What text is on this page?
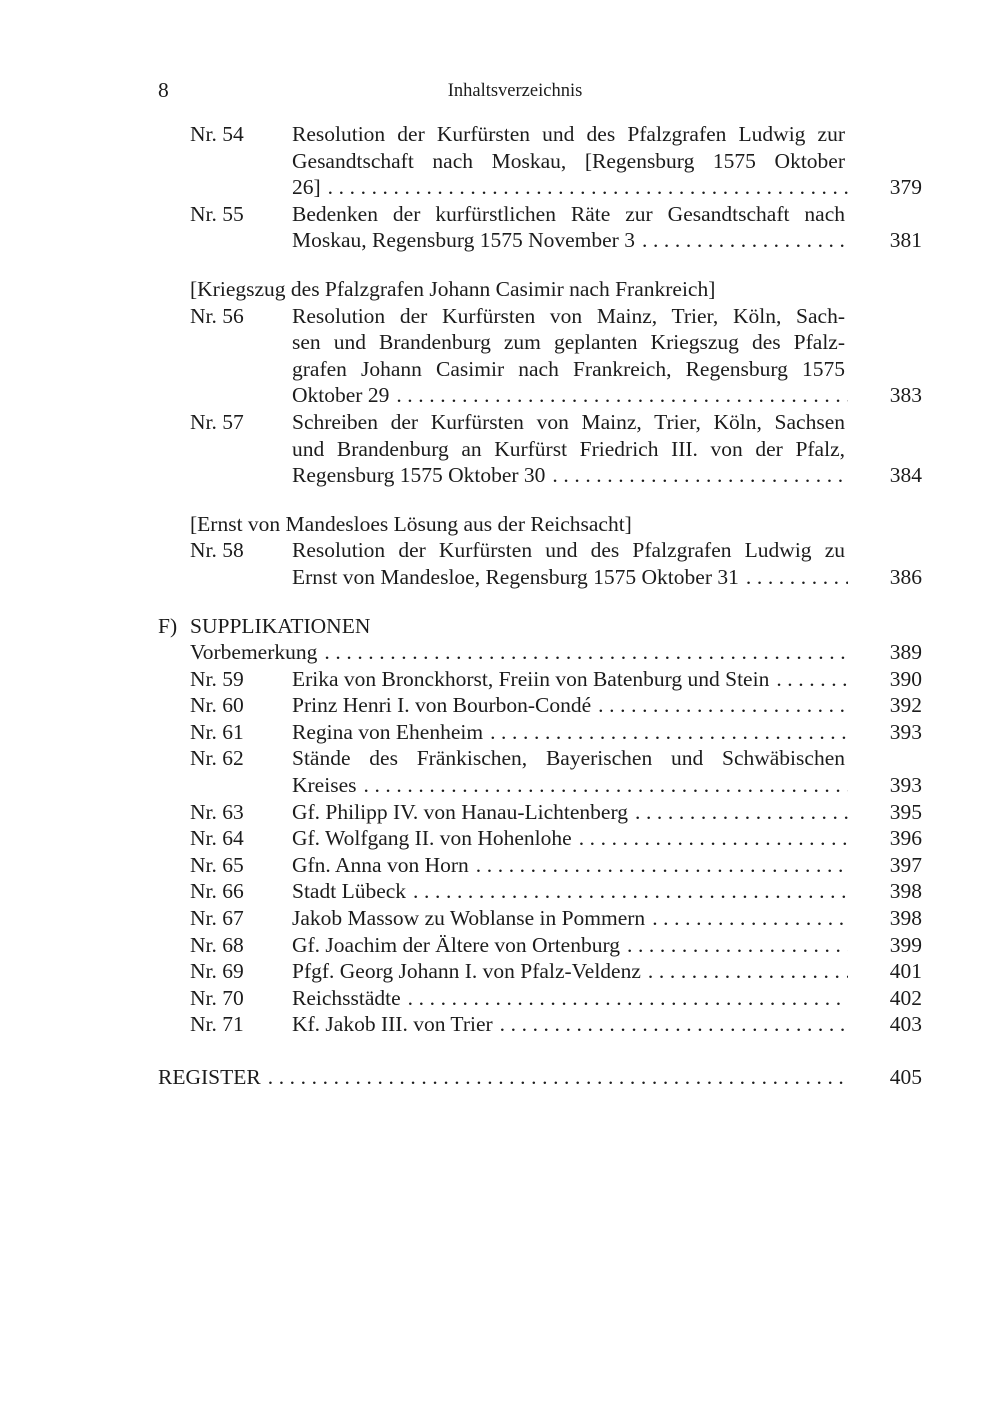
8	Inhaltsverzeichnis
Nr. 54	Resolution der Kurfürsten und des Pfalzgrafen Ludwig zur
Gesandtschaft nach Moskau, [Regensburg 1575 Oktober
26] .....	379
Nr. 55	Bedenken der kurfürstlichen Räte zur Gesandtschaft nach
Moskau, Regensburg 1575 November 3 .....	381
[Kriegszug des Pfalzgrafen Johann Casimir nach Frankreich]
Nr. 56	Resolution der Kurfürsten von Mainz, Trier, Köln, Sach-
sen und Brandenburg zum geplanten Kriegszug des Pfalz-
grafen Johann Casimir nach Frankreich, Regensburg 1575
Oktober 29 .....	383
Nr. 57	Schreiben der Kurfürsten von Mainz, Trier, Köln, Sachsen
und Brandenburg an Kurfürst Friedrich III. von der Pfalz,
Regensburg 1575 Oktober 30 .....	384
[Ernst von Mandesloes Lösung aus der Reichsacht]
Nr. 58	Resolution der Kurfürsten und des Pfalzgrafen Ludwig zu
Ernst von Mandesloe, Regensburg 1575 Oktober 31 .....	386
F) SUPPLIKATIONEN
Vorbemerkung .....	389
Nr. 59	Erika von Bronckhorst, Freiin von Batenburg und Stein .....	390
Nr. 60	Prinz Henri I. von Bourbon-Condé .....	392
Nr. 61	Regina von Ehenheim .....	393
Nr. 62	Stände des Fränkischen, Bayerischen und Schwäbischen
Kreises .....	393
Nr. 63	Gf. Philipp IV. von Hanau-Lichtenberg .....	395
Nr. 64	Gf. Wolfgang II. von Hohenlohe .....	396
Nr. 65	Gfn. Anna von Horn .....	397
Nr. 66	Stadt Lübeck .....	398
Nr. 67	Jakob Massow zu Woblanse in Pommern .....	398
Nr. 68	Gf. Joachim der Ältere von Ortenburg .....	399
Nr. 69	Pfgf. Georg Johann I. von Pfalz-Veldenz .....	401
Nr. 70	Reichsstädte .....	402
Nr. 71	Kf. Jakob III. von Trier .....	403
REGISTER .....	405
